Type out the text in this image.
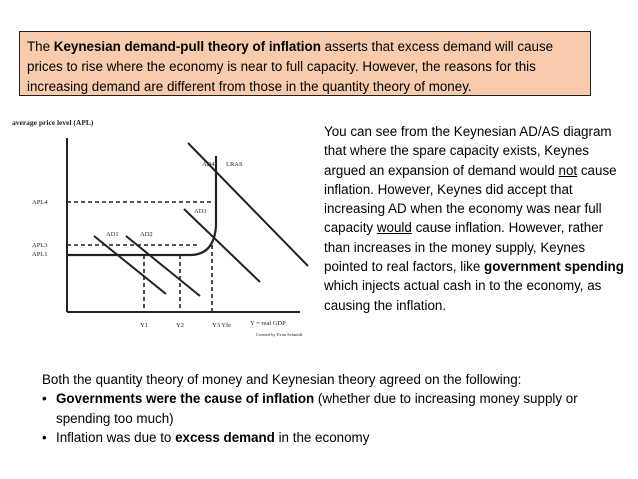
The Keynesian demand-pull theory of inflation asserts that excess demand will cause prices to rise where the economy is near to full capacity. However, the reasons for this increasing demand are different from those in the quantity theory of money.
average price level (APL)
Y = real GDP
Created by Evan Schmidt
APL4
APL3
APL1
Y1	Y2	Y3 Yfe
LRAS
AD1	AD2
AD3
AD4
You can see from the Keynesian AD/AS diagram that where the spare capacity exists, Keynes argued an expansion of demand would not cause inflation. However, Keynes did accept that increasing AD when the economy was near full capacity would cause inflation. However, rather than increases in the money supply, Keynes pointed to real factors, like government spending which injects actual cash in to the economy, as causing the inflation.
Both the quantity theory of money and Keynesian theory agreed on the following:
• Governments were the cause of inflation (whether due to increasing money supply or spending too much)
• Inflation was due to excess demand in the economy
